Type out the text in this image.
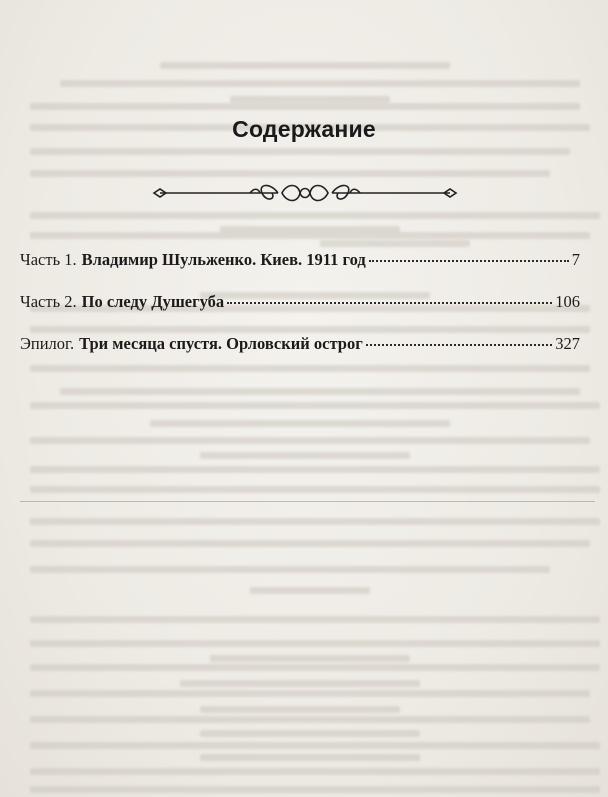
Содержание
Часть 1. Владимир Шульженко. Киев. 1911 год	7
Часть 2. По следу Душегуба	106
Эпилог. Три месяца спустя. Орловский острог	327
